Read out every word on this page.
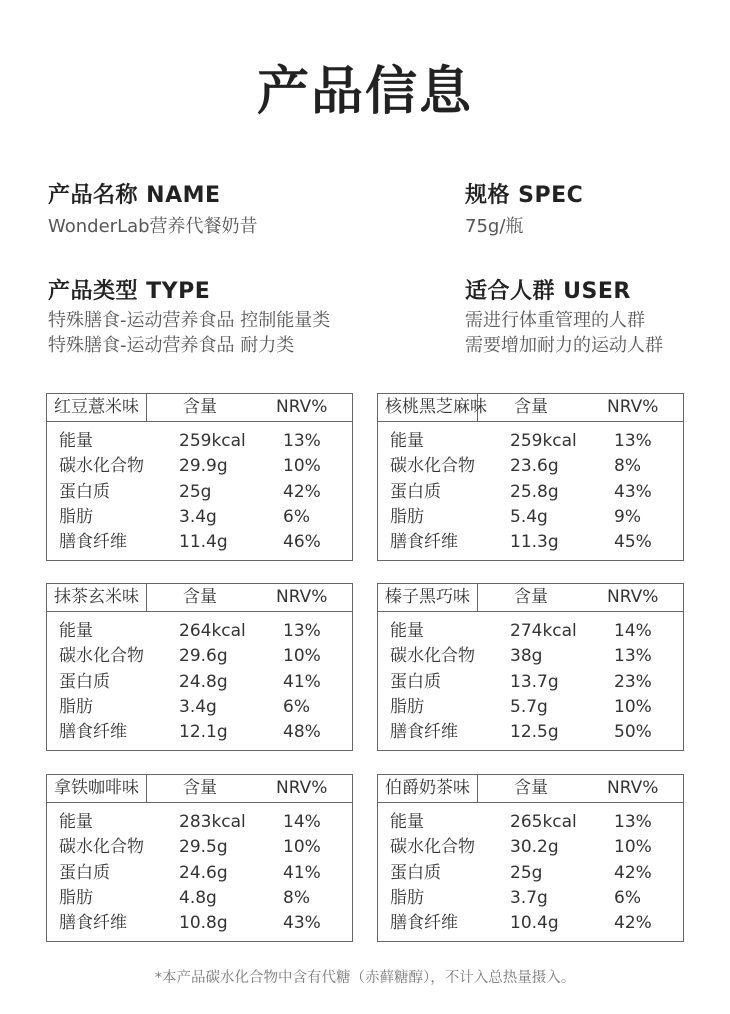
产品信息
产品名称 NAME
WonderLab营养代餐奶昔
规格 SPEC
75g/瓶
产品类型 TYPE
特殊膳食-运动营养食品 控制能量类
特殊膳食-运动营养食品 耐力类
适合人群 USER
需进行体重管理的人群
需要增加耐力的运动人群
红豆薏米味	含量	NRV%
能量	259kcal 13%
碳水化合物 29.9g	10%
蛋白质	25g	42%
脂肪	3.4g	6%
膳食纤维	11.4g	46%
核桃黑芝麻味 含量	NRV%
能量	259kcal 13%
碳水化合物 23.6g	8%
蛋白质	25.8g	43%
脂肪	5.4g	9%
膳食纤维	11.3g	45%
抹茶玄米味	含量	NRV%
能量	264kcal 13%
碳水化合物 29.6g	10%
蛋白质	24.8g	41%
脂肪	3.4g	6%
膳食纤维	12.1g	48%
榛子黑巧味	含量	NRV%
能量	274kcal 14%
碳水化合物 38g	13%
蛋白质	13.7g	23%
脂肪	5.7g	10%
膳食纤维	12.5g	50%
拿铁咖啡味	含量	NRV%
能量	283kcal 14%
碳水化合物 29.5g	10%
蛋白质	24.6g	41%
脂肪	4.8g	8%
膳食纤维	10.8g	43%
伯爵奶茶味	含量	NRV%
能量	265kcal 13%
碳水化合物 30.2g	10%
蛋白质	25g	42%
脂肪	3.7g	6%
膳食纤维	10.4g	42%
*本产品碳水化合物中含有代糖（赤藓糖醇），不计入总热量摄入。
